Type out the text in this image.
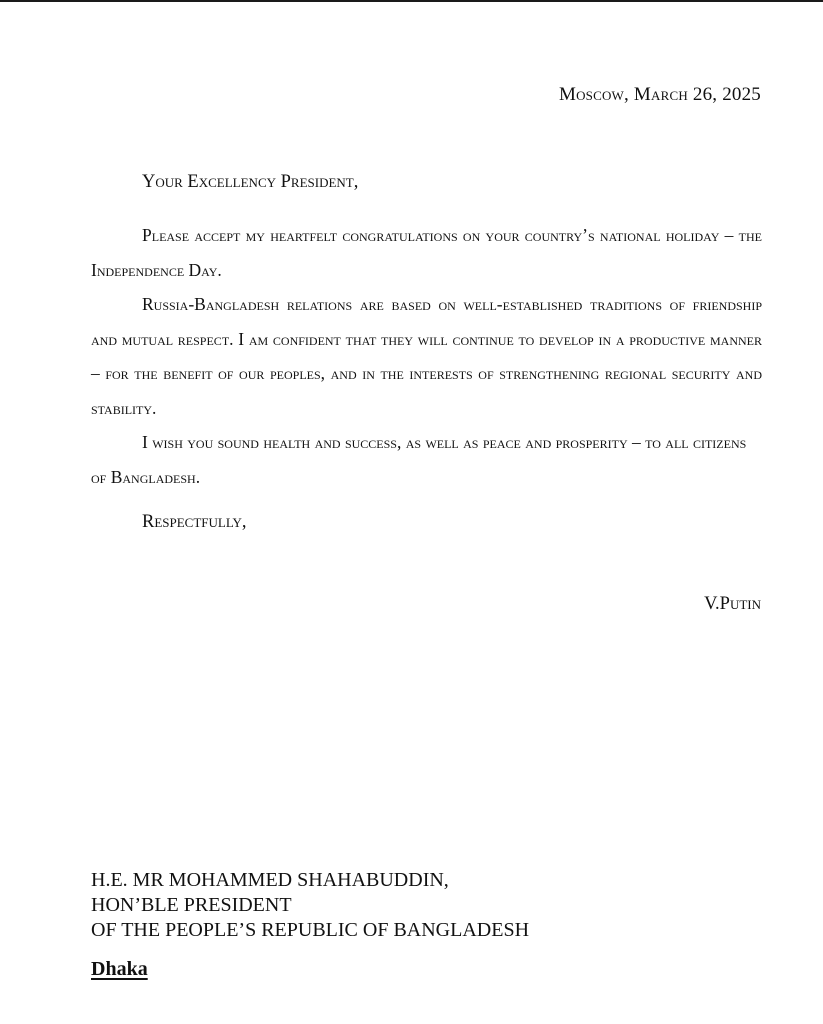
Moscow, March 26, 2025
Your Excellency President,

Please accept my heartfelt congratulations on your country’s national holiday – the Independence Day.

Russia-Bangladesh relations are based on well-established traditions of friendship and mutual respect. I am confident that they will continue to develop in a productive manner – for the benefit of our peoples, and in the interests of strengthening regional security and stability.

I wish you sound health and success, as well as peace and prosperity – to all citizens of Bangladesh.

Respectfully,
V.Putin
H.E. MR MOHAMMED SHAHABUDDIN,
HON’BLE PRESIDENT
OF THE PEOPLE’S REPUBLIC OF BANGLADESH
Dhaka
